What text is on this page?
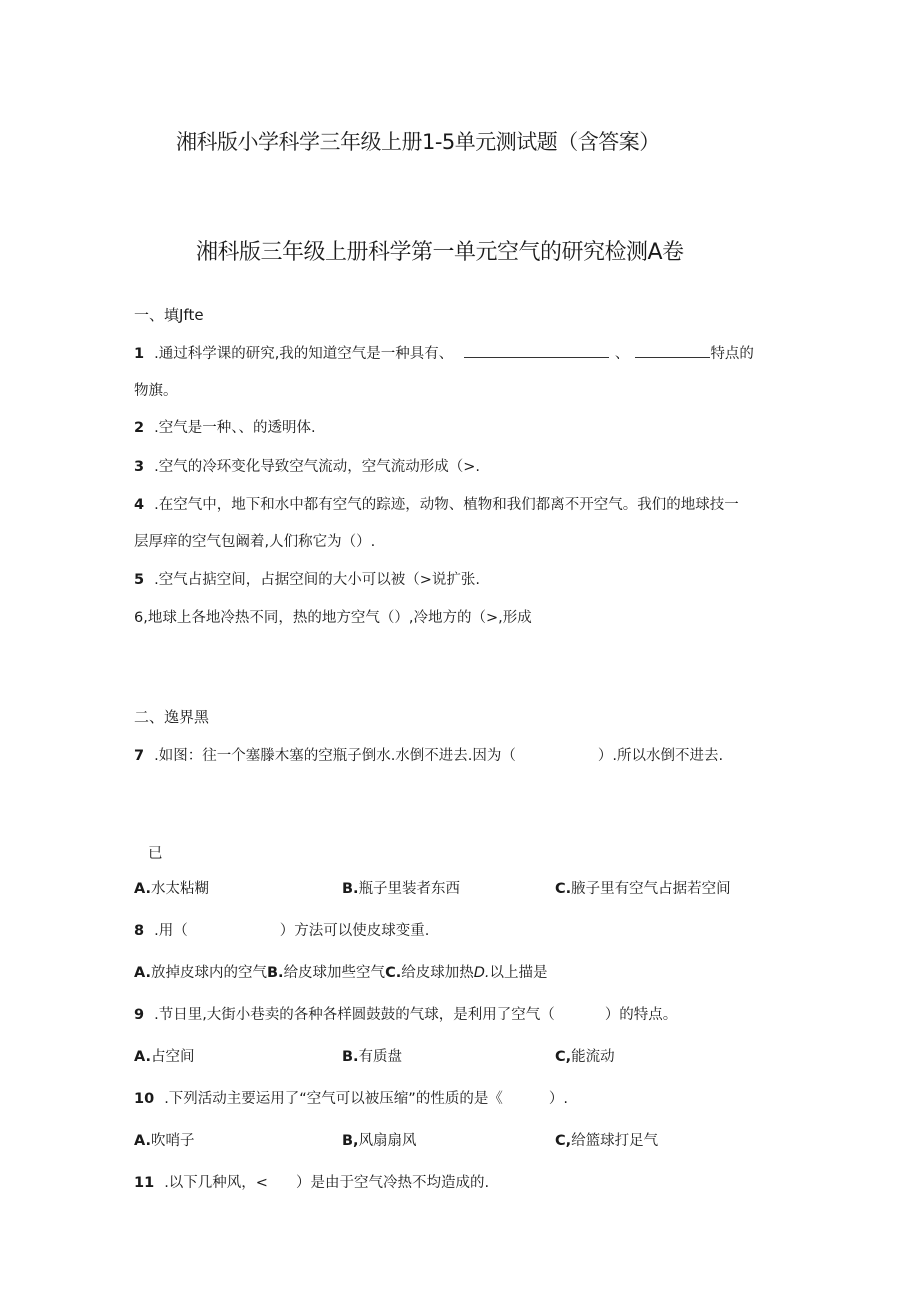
湘科版小学科学三年级上册1-5单元测试题（含答案）
湘科版三年级上册科学第一单元空气的研究检测A卷
一、填Jfte
1 .通过科学课的研究,我的知道空气是一种具有、	、	特点的
物旗。
2 .空气是一种、、的透明体.
3 .空气的冷环变化导致空气流动，空气流动形成（>.
4 .在空气中，地下和水中都有空气的踪迹，动物、植物和我们都离不开空气。我们的地球技一
层厚痒的空气包阚着,人们称它为（）.
5 .空气占掂空间，占据空间的大小可以被（>说扩张.
6,地球上各地冷热不同，热的地方空气（）,冷地方的（>,形成
二、逸界黑
7 .如图：往一个塞滕木塞的空瓶子倒水.水倒不进去.因为（	）.所以水倒不进去.
已
A.水太粘糊	B.瓶子里装者东西	C.腋子里有空气占据若空间
8 .用（	）方法可以使皮球变重.
A.放掉皮球内的空气B.给皮球加些空气C.给皮球加热D.以上描是
9 .节日里,大街小巷卖的各种各样圆鼓鼓的气球，是利用了空气（	）的特点。
A.占空间	B.有质盘	C,能流动
10 .下列活动主要运用了“空气可以被压缩”的性质的是《	）.
A.吹哨子	B,风扇扇风	C,给篮球打足气
11 .以下几种风，< ）是由于空气冷热不均造成的.
